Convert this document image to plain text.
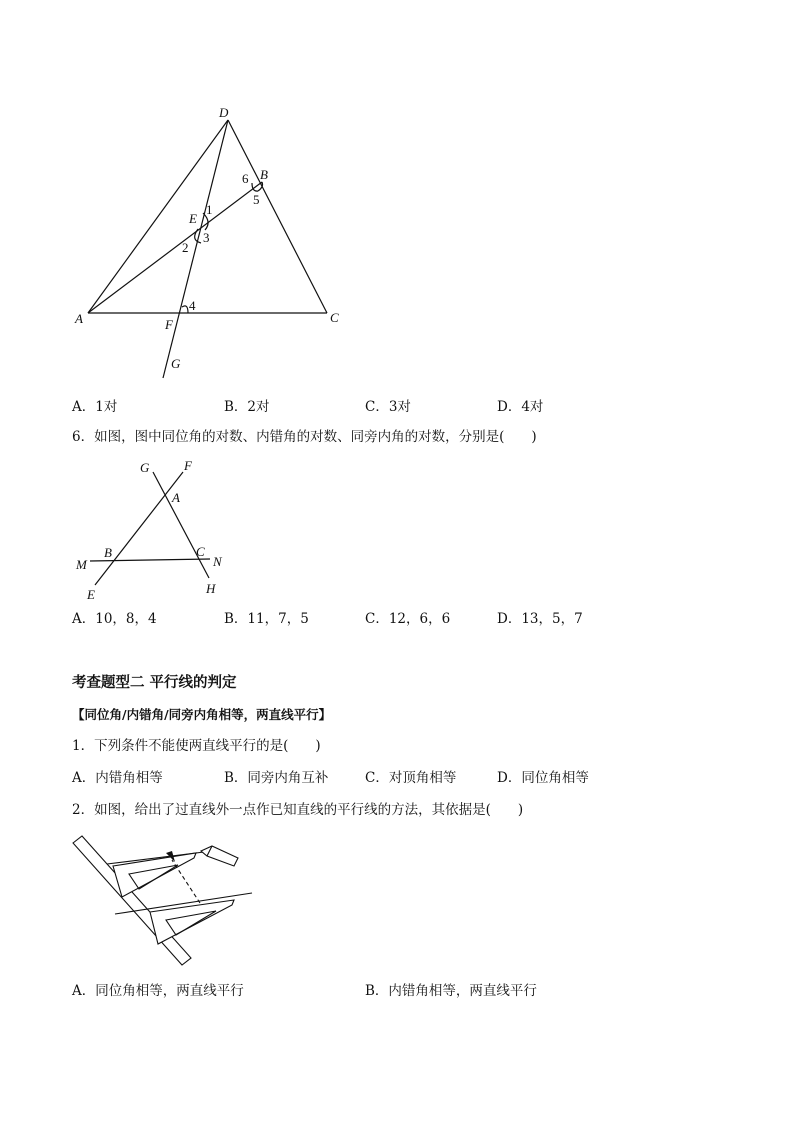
D
B
E
A	F	C
G
1
2
3
4
5
6
A．1对	B．2对	C．3对	D．4对
6．如图，图中同位角的对数、内错角的对数、同旁内角的对数，分别是(　　)
G	F
A
B	C
M	N
E	H
A．10，8，4	B．11，7，5	C．12，6，6	D．13，5，7
考查题型二 平行线的判定
【同位角/内错角/同旁内角相等，两直线平行】
1．下列条件不能使两直线平行的是(　　)
A．内错角相等	B．同旁内角互补	C．对顶角相等	D．同位角相等
2．如图，给出了过直线外一点作已知直线的平行线的方法，其依据是(　　)
A．同位角相等，两直线平行	B．内错角相等，两直线平行
